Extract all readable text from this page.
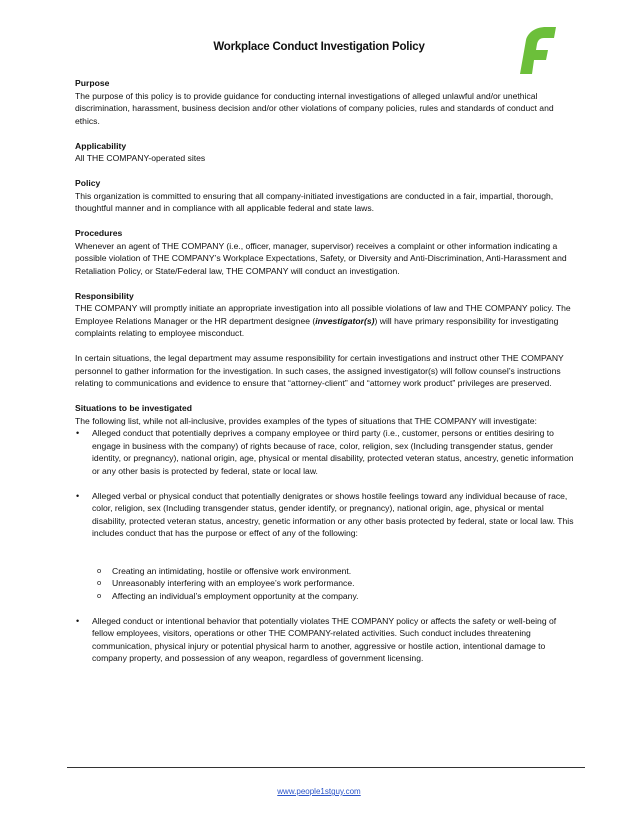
Workplace Conduct Investigation Policy

Purpose

The purpose of this policy is to provide guidance for conducting internal investigations of alleged unlawful and/or unethical discrimination, harassment, business decision and/or other violations of company policies, rules and standards of conduct and ethics.

Applicability

All THE COMPANY-operated sites

Policy

This organization is committed to ensuring that all company-initiated investigations are conducted in a fair, impartial, thorough, thoughtful manner and in compliance with all applicable federal and state laws.

Procedures

Whenever an agent of THE COMPANY (i.e., officer, manager, supervisor) receives a complaint or other information indicating a possible violation of THE COMPANY’s Workplace Expectations, Safety, or Diversity and Anti-Discrimination, Anti-Harassment and Retaliation Policy, or State/Federal law, THE COMPANY will conduct an investigation.

Responsibility

THE COMPANY will promptly initiate an appropriate investigation into all possible violations of law and THE COMPANY policy. The Employee Relations Manager or the HR department designee (investigator(s)) will have primary responsibility for investigating complaints relating to employee misconduct.

In certain situations, the legal department may assume responsibility for certain investigations and instruct other THE COMPANY personnel to gather information for the investigation. In such cases, the assigned investigator(s) will follow counsel’s instructions relating to communications and evidence to ensure that “attorney-client” and “attorney work product” privileges are preserved.

Situations to be investigated

The following list, while not all-inclusive, provides examples of the types of situations that THE COMPANY will investigate:

• Alleged conduct that potentially deprives a company employee or third party (i.e., customer, persons or entities desiring to engage in business with the company) of rights because of race, color, religion, sex (Including transgender status, gender identity, or pregnancy), national origin, age, physical or mental disability, protected veteran status, ancestry, genetic information or any other basis is protected by federal, state or local law.
• Alleged verbal or physical conduct that potentially denigrates or shows hostile feelings toward any individual because of race, color, religion, sex (Including transgender status, gender identify, or pregnancy), national origin, age, physical or mental disability, protected veteran status, ancestry, genetic information or any other basis protected by federal, state or local law. This includes conduct that has the purpose or effect of any of the following:
o Creating an intimidating, hostile or offensive work environment.
o Unreasonably interfering with an employee’s work performance.
o Affecting an individual’s employment opportunity at the company.
• Alleged conduct or intentional behavior that potentially violates THE COMPANY policy or affects the safety or well-being of fellow employees, visitors, operations or other THE COMPANY-related activities. Such conduct includes threatening communication, physical injury or potential physical harm to another, aggressive or hostile action, intentional damage to company property, and possession of any weapon, regardless of government licensing.
www.people1stguy.com
